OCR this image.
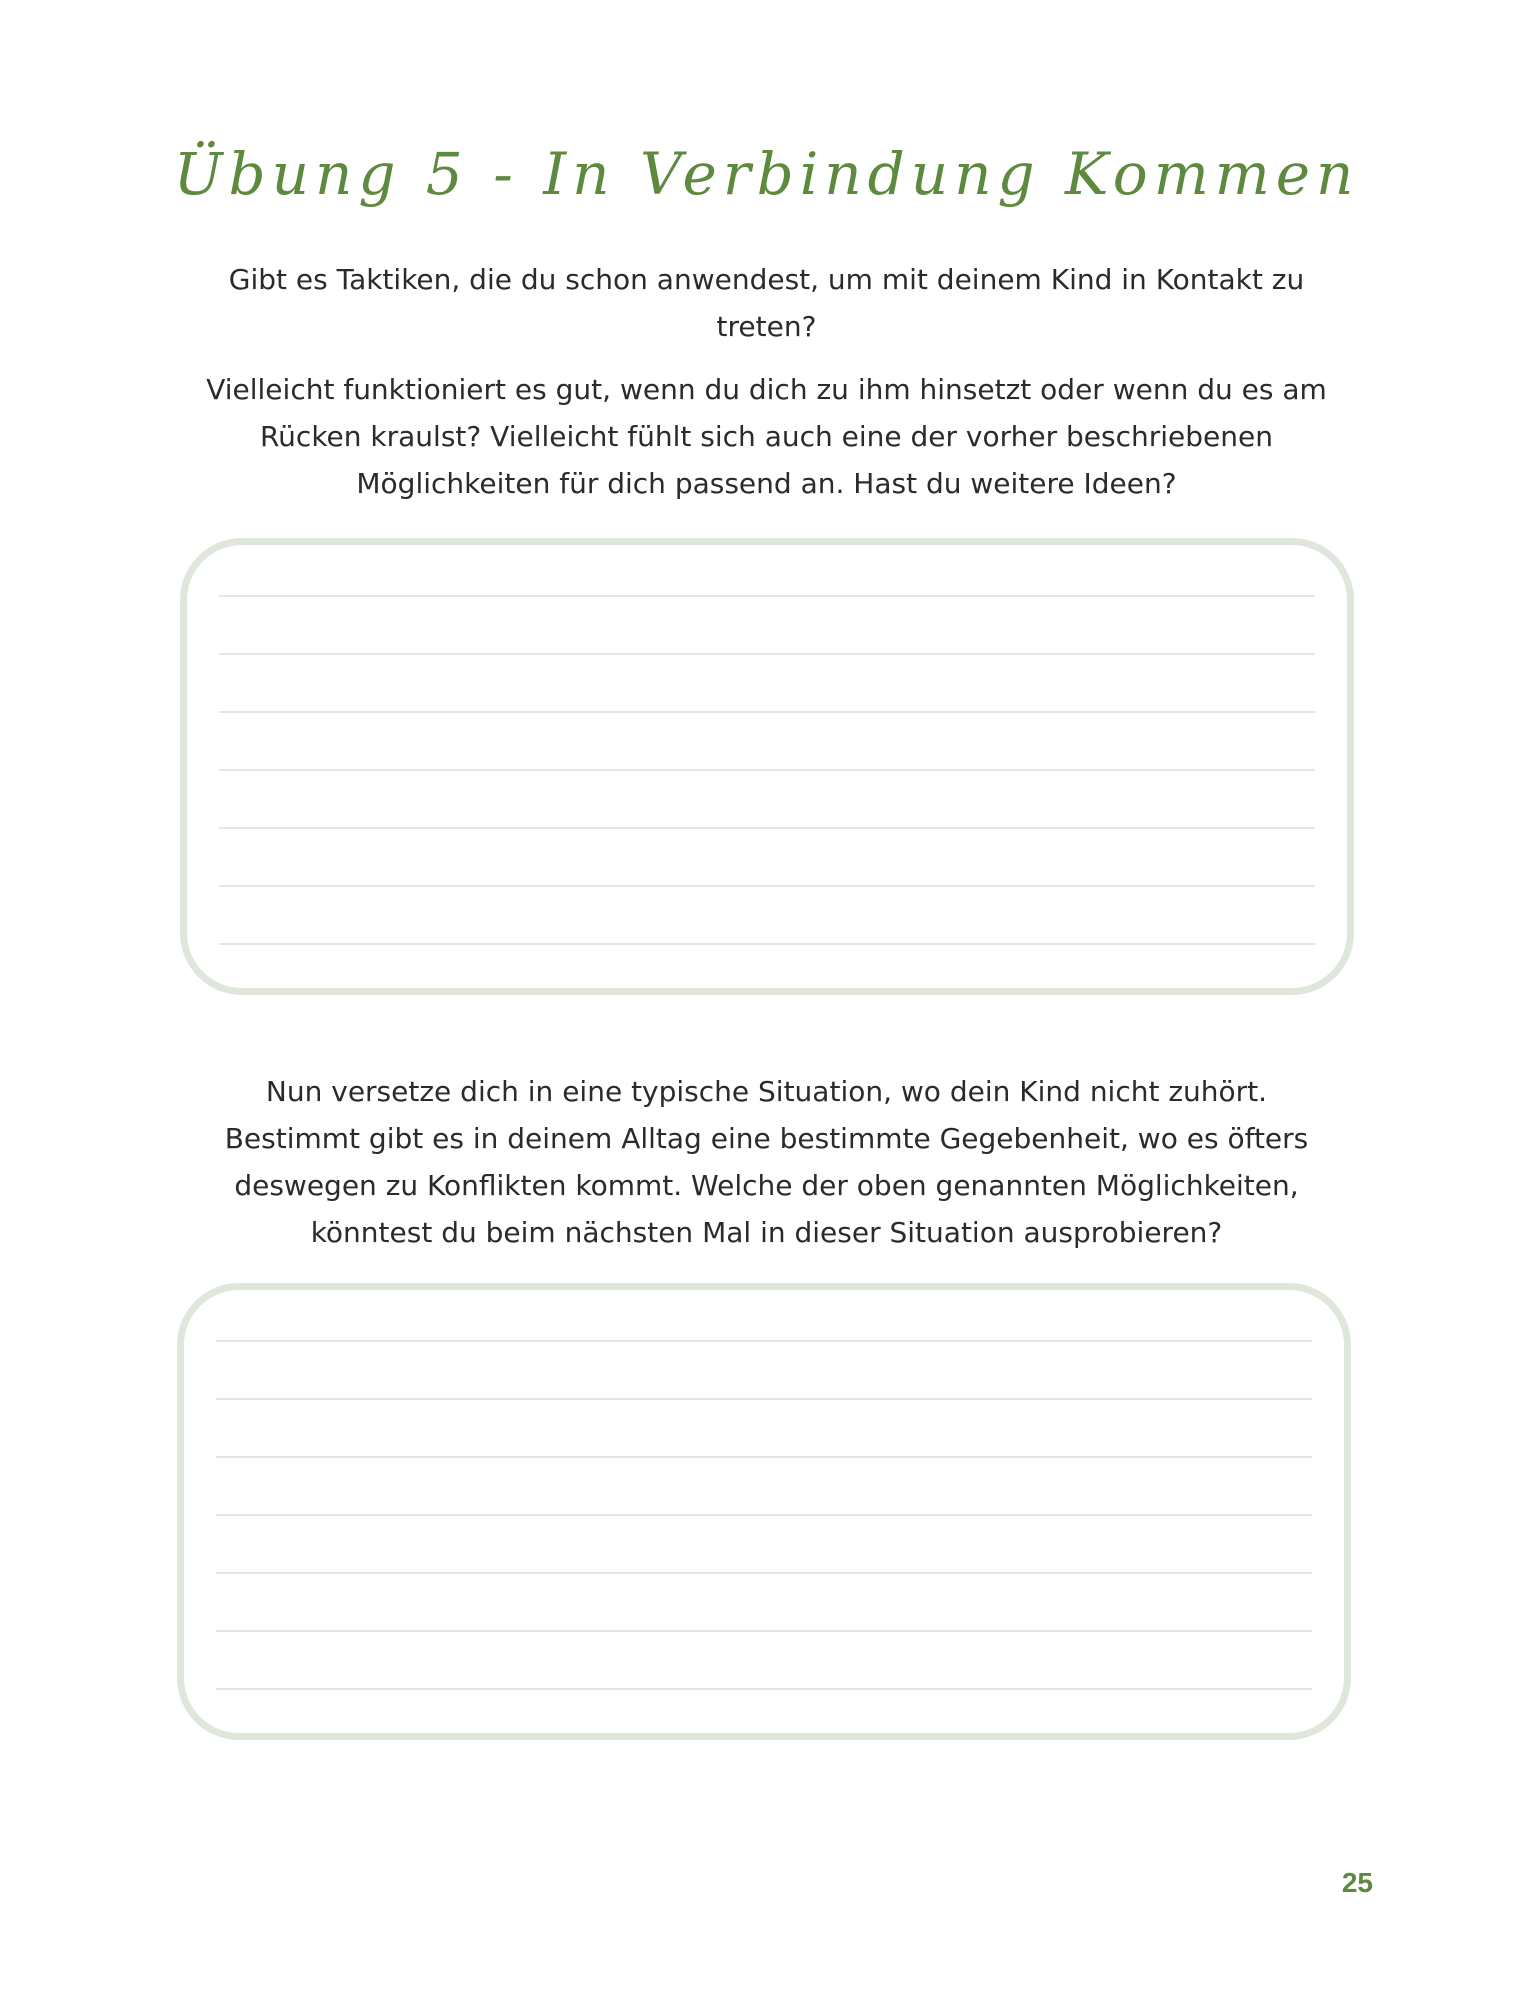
Übung 5 - In Verbindung Kommen

Gibt es Taktiken, die du schon anwendest, um mit deinem Kind in Kontakt zu treten?

Vielleicht funktioniert es gut, wenn du dich zu ihm hinsetzt oder wenn du es am Rücken kraulst? Vielleicht fühlt sich auch eine der vorher beschriebenen Möglichkeiten für dich passend an. Hast du weitere Ideen?

Nun versetze dich in eine typische Situation, wo dein Kind nicht zuhört. Bestimmt gibt es in deinem Alltag eine bestimmte Gegebenheit, wo es öfters deswegen zu Konflikten kommt. Welche der oben genannten Möglichkeiten, könntest du beim nächsten Mal in dieser Situation ausprobieren?

25
